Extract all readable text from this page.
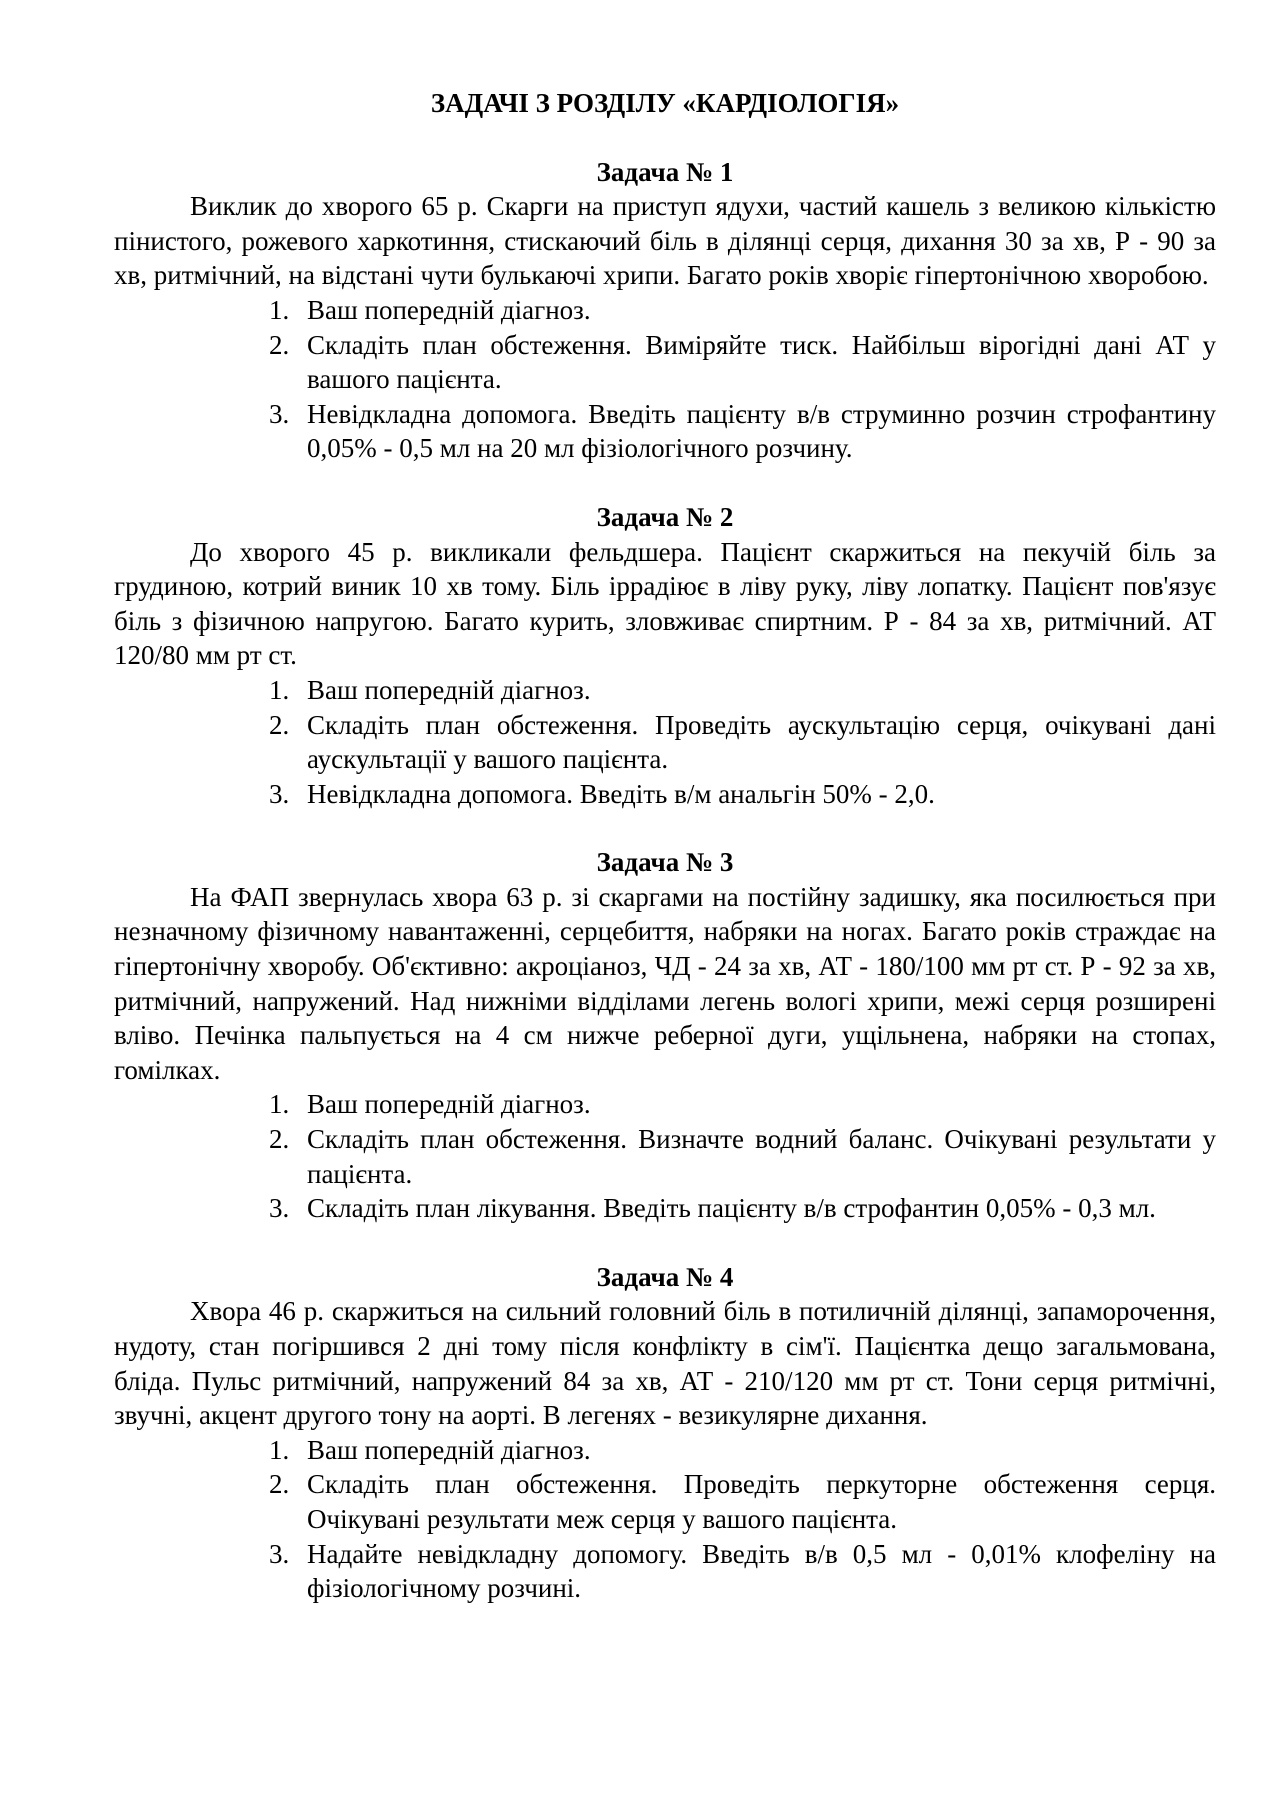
ЗАДАЧІ З РОЗДІЛУ «КАРДІОЛОГІЯ»
Задача № 1

Виклик до хворого 65 р. Скарги на приступ ядухи, частий кашель з великою кількістю пінистого, рожевого харкотиння, стискаючий біль в ділянці серця, дихання 30 за хв, Р - 90 за хв, ритмічний, на відстані чути булькаючі хрипи. Багато років хворіє гіпертонічною хворобою.

1. Ваш попередній діагноз.
2. Складіть план обстеження. Виміряйте тиск. Найбільш вірогідні дані АТ у вашого пацієнта.
3. Невідкладна допомога. Введіть пацієнту в/в струминно розчин строфантину 0,05% - 0,5 мл на 20 мл фізіологічного розчину.
Задача № 2

До хворого 45 р. викликали фельдшера. Пацієнт скаржиться на пекучій біль за грудиною, котрий виник 10 хв тому. Біль іррадіює в ліву руку, ліву лопатку. Пацієнт пов'язує біль з фізичною напругою. Багато курить, зловживає спиртним. Р - 84 за хв, ритмічний. АТ 120/80 мм рт ст.

1. Ваш попередній діагноз.
2. Складіть план обстеження. Проведіть аускультацію серця, очікувані дані аускультації у вашого пацієнта.
3. Невідкладна допомога. Введіть в/м анальгін 50% - 2,0.
Задача № 3

На ФАП звернулась хвора 63 р. зі скаргами на постійну задишку, яка посилюється при незначному фізичному навантаженні, серцебиття, набряки на ногах. Багато років страждає на гіпертонічну хворобу. Об'єктивно: акроціаноз, ЧД - 24 за хв, АТ - 180/100 мм рт ст. Р - 92 за хв, ритмічний, напружений. Над нижніми відділами легень вологі хрипи, межі серця розширені вліво. Печінка пальпується на 4 см нижче реберної дуги, ущільнена, набряки на стопах, гомілках.

1. Ваш попередній діагноз.
2. Складіть план обстеження. Визначте водний баланс. Очікувані результати у пацієнта.
3. Складіть план лікування. Введіть пацієнту в/в строфантин 0,05% - 0,3 мл.
Задача № 4

Хвора 46 р. скаржиться на сильний головний біль в потиличній ділянці, запаморочення, нудоту, стан погіршився 2 дні тому після конфлікту в сім'ї. Пацієнтка дещо загальмована, бліда. Пульс ритмічний, напружений 84 за хв, АТ - 210/120 мм рт ст. Тони серця ритмічні, звучні, акцент другого тону на аорті. В легенях - везикулярне дихання.

1. Ваш попередній діагноз.
2. Складіть план обстеження. Проведіть перкуторне обстеження серця. Очікувані результати меж серця у вашого пацієнта.
3. Надайте невідкладну допомогу. Введіть в/в 0,5 мл - 0,01% клофеліну на фізіологічному розчині.
